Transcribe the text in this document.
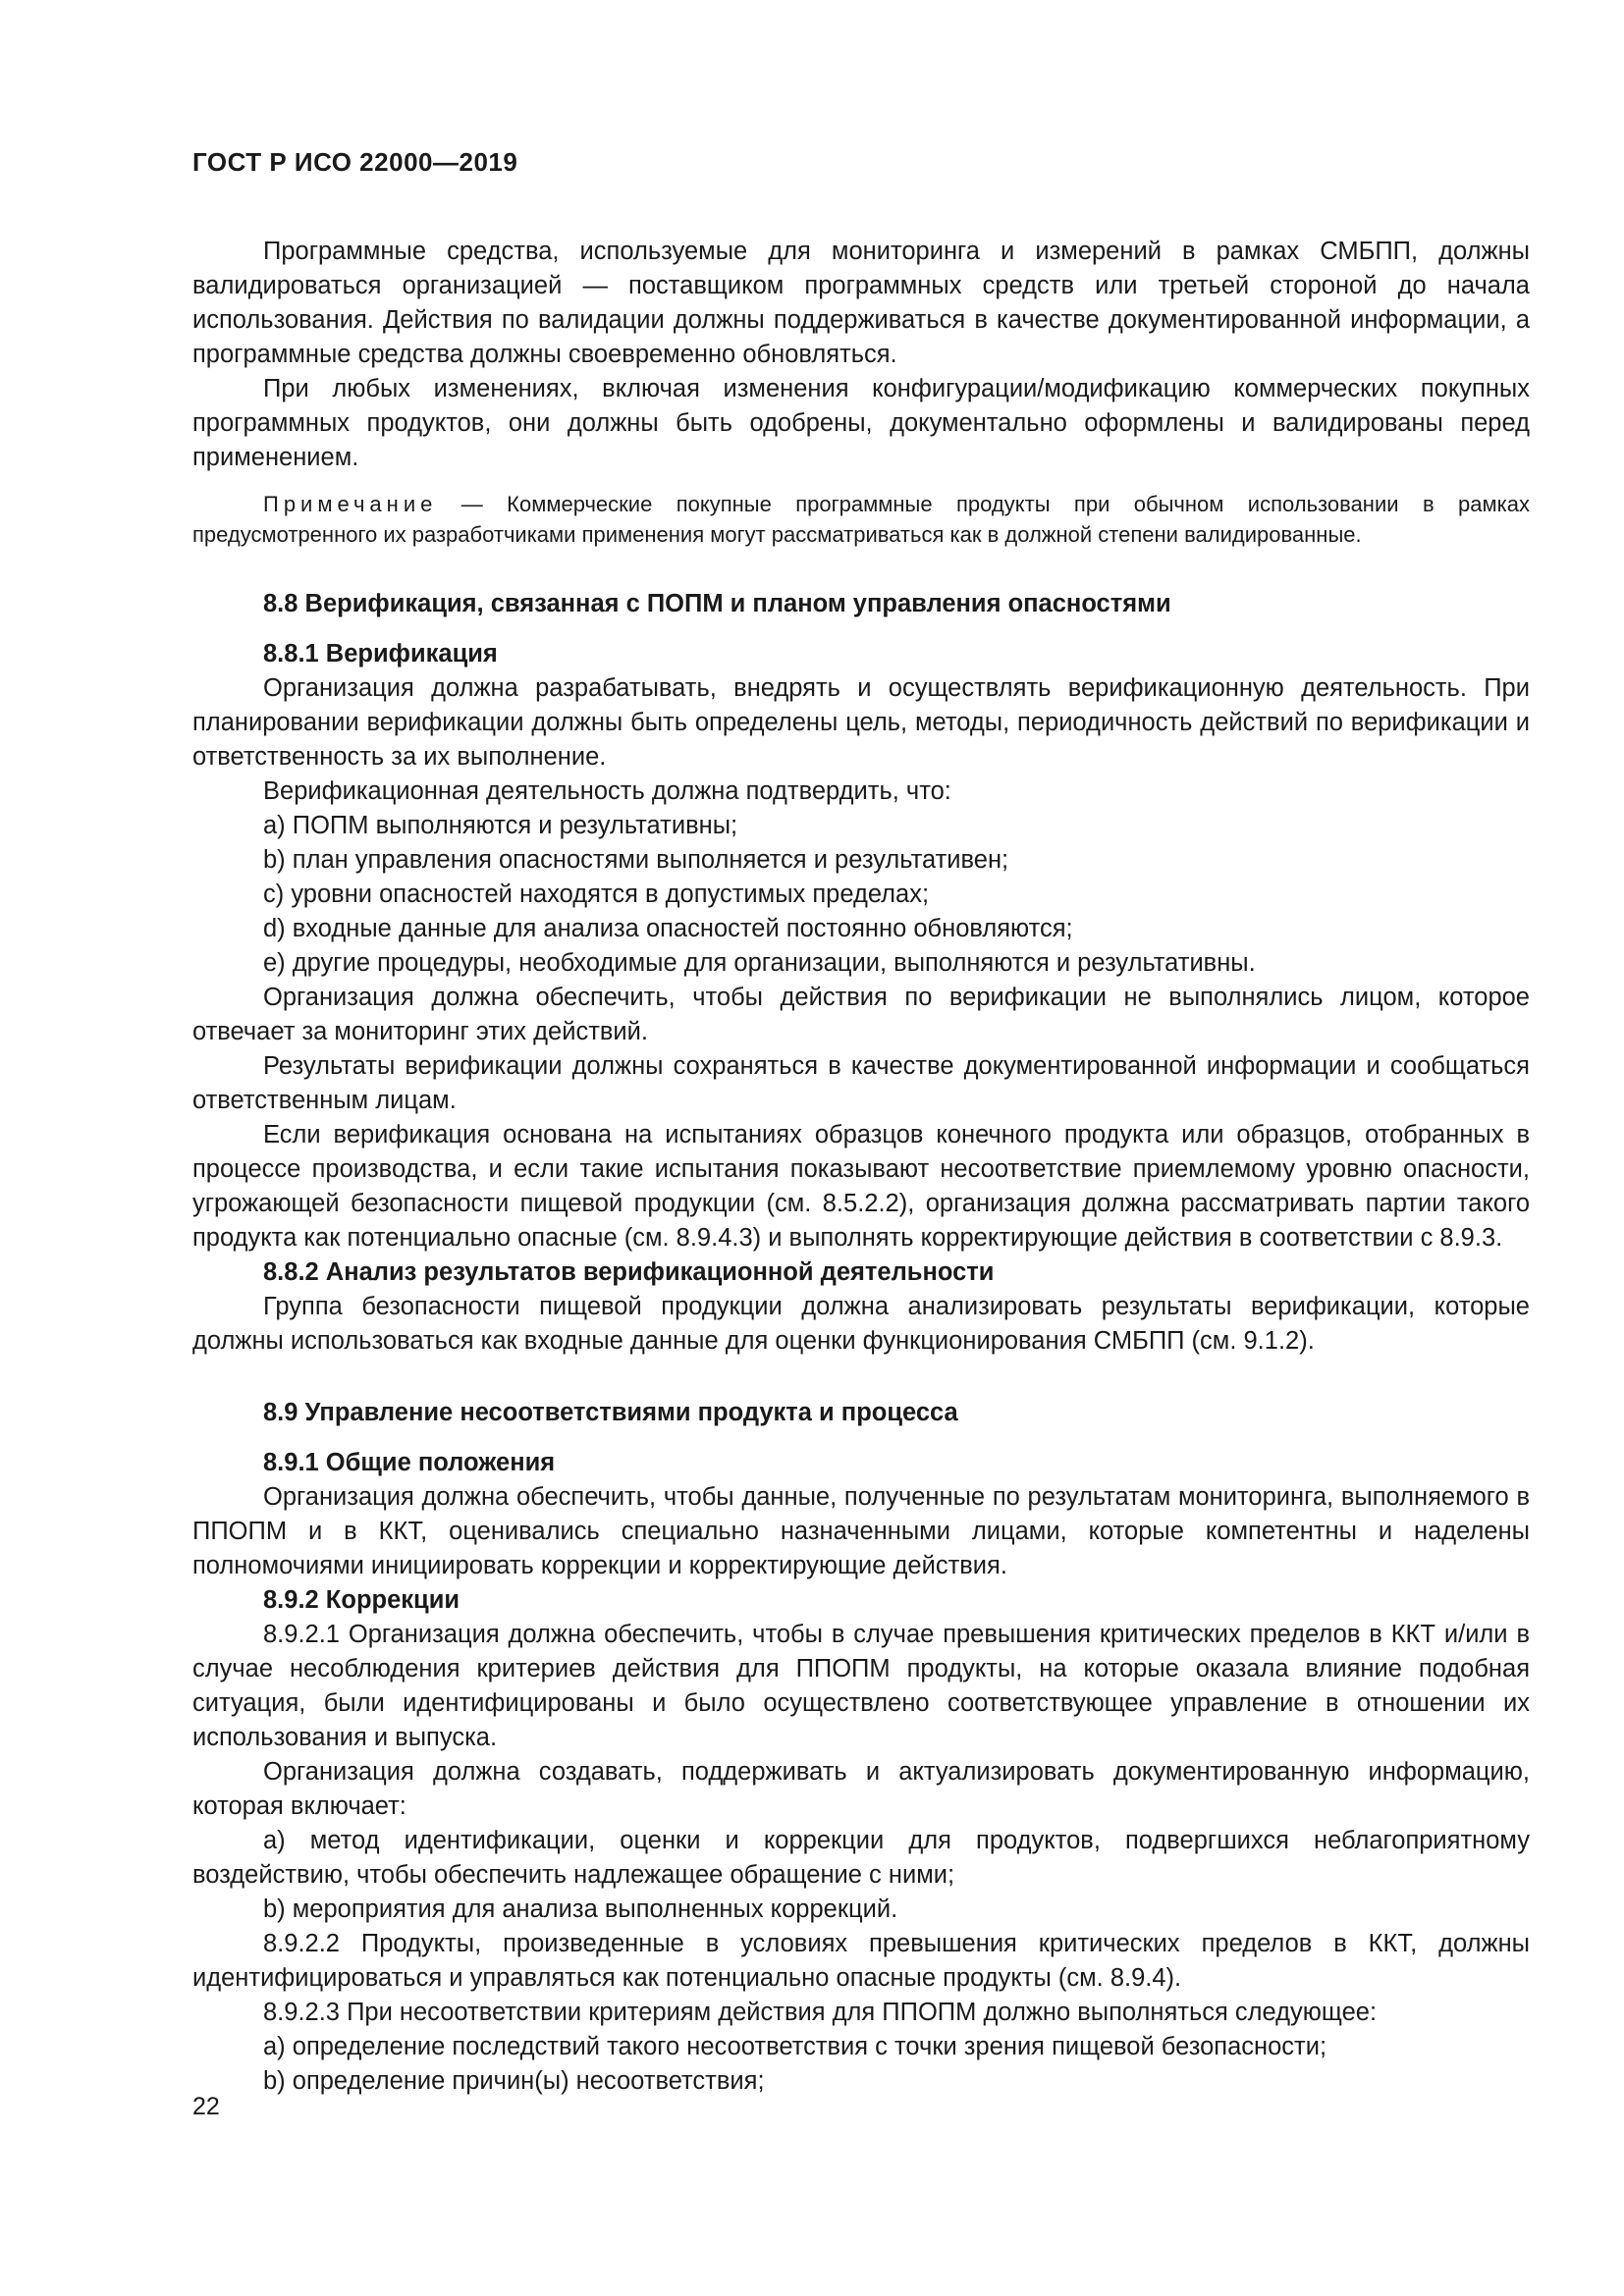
ГОСТ Р ИСО 22000—2019

Программные средства, используемые для мониторинга и измерений в рамках СМБПП, должны валидироваться организацией — поставщиком программных средств или третьей стороной до начала использования. Действия по валидации должны поддерживаться в качестве документированной информации, а программные средства должны своевременно обновляться.

При любых изменениях, включая изменения конфигурации/модификацию коммерческих покупных программных продуктов, они должны быть одобрены, документально оформлены и валидированы перед применением.

Примечание — Коммерческие покупные программные продукты при обычном использовании в рамках предусмотренного их разработчиками применения могут рассматриваться как в должной степени валидированные.

8.8 Верификация, связанная с ПОПМ и планом управления опасностями
8.8.1 Верификация

Организация должна разрабатывать, внедрять и осуществлять верификационную деятельность. При планировании верификации должны быть определены цель, методы, периодичность действий по верификации и ответственность за их выполнение.

Верификационная деятельность должна подтвердить, что:

a) ПОПМ выполняются и результативны;

b) план управления опасностями выполняется и результативен;

c) уровни опасностей находятся в допустимых пределах;

d) входные данные для анализа опасностей постоянно обновляются;

e) другие процедуры, необходимые для организации, выполняются и результативны.

Организация должна обеспечить, чтобы действия по верификации не выполнялись лицом, которое отвечает за мониторинг этих действий.

Результаты верификации должны сохраняться в качестве документированной информации и сообщаться ответственным лицам.

Если верификация основана на испытаниях образцов конечного продукта или образцов, отобранных в процессе производства, и если такие испытания показывают несоответствие приемлемому уровню опасности, угрожающей безопасности пищевой продукции (см. 8.5.2.2), организация должна рассматривать партии такого продукта как потенциально опасные (см. 8.9.4.3) и выполнять корректирующие действия в соответствии с 8.9.3.

8.8.2 Анализ результатов верификационной деятельности

Группа безопасности пищевой продукции должна анализировать результаты верификации, которые должны использоваться как входные данные для оценки функционирования СМБПП (см. 9.1.2).

8.9 Управление несоответствиями продукта и процесса
8.9.1 Общие положения

Организация должна обеспечить, чтобы данные, полученные по результатам мониторинга, выполняемого в ППОПМ и в ККТ, оценивались специально назначенными лицами, которые компетентны и наделены полномочиями инициировать коррекции и корректирующие действия.

8.9.2 Коррекции

8.9.2.1 Организация должна обеспечить, чтобы в случае превышения критических пределов в ККТ и/или в случае несоблюдения критериев действия для ППОПМ продукты, на которые оказала влияние подобная ситуация, были идентифицированы и было осуществлено соответствующее управление в отношении их использования и выпуска.

Организация должна создавать, поддерживать и актуализировать документированную информацию, которая включает:

a) метод идентификации, оценки и коррекции для продуктов, подвергшихся неблагоприятному воздействию, чтобы обеспечить надлежащее обращение с ними;

b) мероприятия для анализа выполненных коррекций.

8.9.2.2 Продукты, произведенные в условиях превышения критических пределов в ККТ, должны идентифицироваться и управляться как потенциально опасные продукты (см. 8.9.4).

8.9.2.3 При несоответствии критериям действия для ППОПМ должно выполняться следующее:

a) определение последствий такого несоответствия с точки зрения пищевой безопасности;

b) определение причин(ы) несоответствия;

22
